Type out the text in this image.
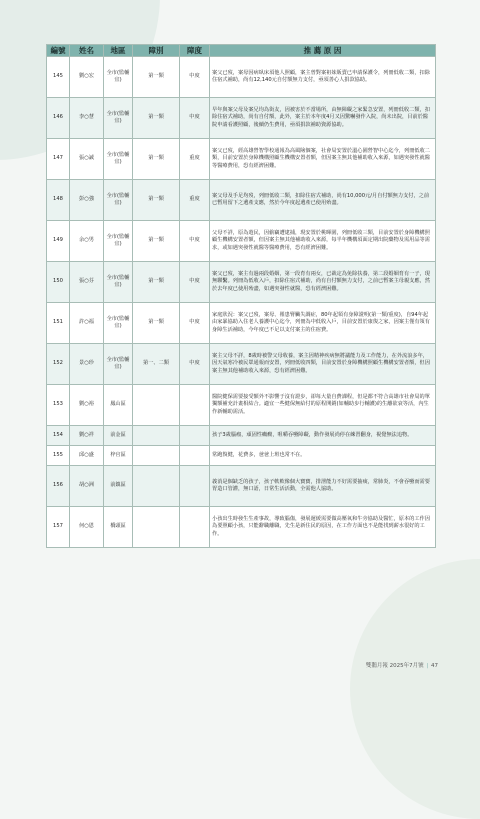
編號	姓名	地區	障別	障度	推 薦 原 因
145	劉○宏	全市(監輔宜)	第一類	中度	案父已歿，案母因病臥床須他人照顧，案主曾對案祖妹販賣已申請保護令，列冊低收二類，扣除住宿式補助，尚有12,140元自付額無力支付，亟須善心人捐款協助。
146	李○慧	全市(監輔宜)	第一類	中度	早年與案父母及案兄均為街友，因被害於不當場所，由無障礙之家緊急安置，列冊低收二類，扣除住宿式補助，尚有自付額，此外，案主於本年度4月又因驚嚇發作入院，尚未出院，目前於醫院申請看護照顧，後續仍生費用，亟須捐款補助資源協助。
147	張○誠	全市(監輔宜)	第一類	重度	案父已歿，經高雄營智學校通報為高風險個案，社會局安置於溫心園營智中心迄今，列冊低收二類，目前安置於身障機構照顧生機構安置者額，但因案主無其他補助收入來源，如遇突發性就醫等醫療費用，恐有經濟困難。
148	彭○強	全市(監輔宜)	第一類	重度	案父母及手足均歿，列冊低收二類，扣除住宿式補助，尚有10,000元/月自付額無力支付，之前已暫用留下之遺產支應，然於今年度起遺產已使用殆盡。
149	余○男	全市(監輔宜)	第一類	中度	父母不詳，原為遊民，因偷竊遭逮捕，現安置於桃暉園，列冊低收三類，目前安置於身障機構照顧生機構安置者額，但因案主無其他補助收入來源，每半年機構須面定期出院藥物及需用品等需求，或如遇突發性就醫等醫療費用，恐有經濟困難。
150	張○芬	全市(監輔宜)	第一類	中度	案父已歿，案主有過兩段婚姻，第一段育有兩女，已裁定為免除扶養，第二段婚姻育有一子，現無聯繫。列冊為低收入戶，扣除住宿式補助，尚有自付額無力支付，之前已暫案主母親支應，然於去年度已使用殆盡，如遇突發性就醫，恐有經濟困難。
151	許○福	全市(監輔宜)	第一類	中度	家庭狀況：案父已歿，案母、罹患腎臟失調症，80年起領有身障證明(第一類/重度)，自94年起由家暴協助入住老人養護中心迄今，列冊為中低收入戶，目前安置於康復之家，因案主僅有領有身障生活補助，今年度已不足以支付案主的住宿費。
152	景○珍	全市(監輔宜)	第一、二類	中度	案主父母不詳，8歲時被警父母收養，案主因精神疾病無將議能力及工作能力，在外流浪多年，因天氣寒冷被民眾通報而安置，列冊低收四類，目前安置於身障機構照顧生機構安置者額，但因案主無其他補助收入來源，恐有經濟困難。
153	劉○裕	鳳山區			醫院健保需要接受額外不影響于沒有證步，卻每大量自費課程，但是都不符合高雄市社會局的單獨額補充計畫相結合。適宜一些健保無給付的原程開銷(如輔助步行輔護)的生離欲衰等活，內生作新輔助需活。
154	劉○祥	前金區			孩子3歲腦瘤，頑固性癲癇，咀嚼吞嚥障礙，動作發展尚停在練習翻身，視覺無法追物。
155	邱○盛	梓官區			常跑復健，花費多，爸爸上班也常不在。
156	胡○洲	前鎮區			義消是個缺乏的孩子，孩子軟軟像個大寶寶，排泄能力不好需要抽痰，常肺炎，不會吞嚥而需要胃造口管灌，無口語，日常生活活動，全需他人協助。
157	何○恩	橋頭區			小孩出生時發生生產事故，導致腦傷，發展遲緩需要做高壓氧和牛旁協助及醫忙，原本的工作因為要照顧小孩，只能辭職離職，先生是新住民的原因，在工作方面也不是能找到薪水很好的工作。
雙鵝月報 2025年7月號 | 47
